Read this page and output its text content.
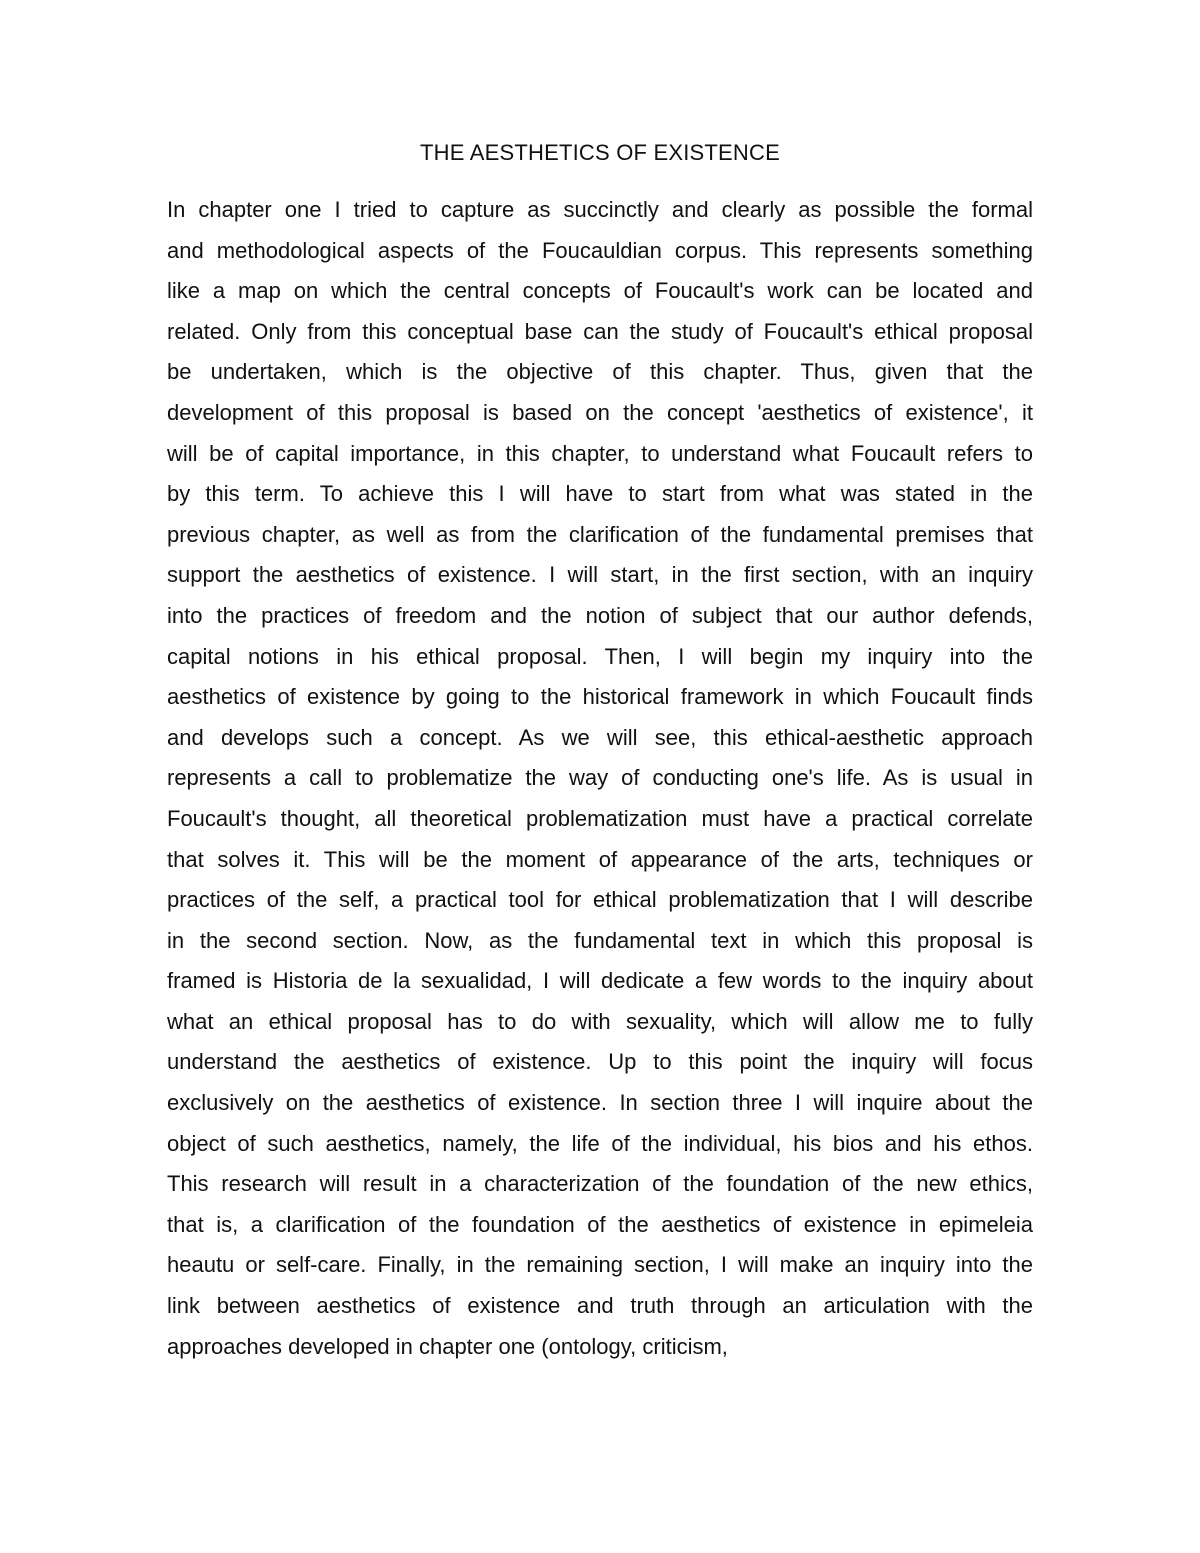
THE AESTHETICS OF EXISTENCE
In chapter one I tried to capture as succinctly and clearly as possible the formal
and methodological aspects of the Foucauldian corpus. This represents something
like a map on which the central concepts of Foucault's work can be located and
related. Only from this conceptual base can the study of Foucault's ethical proposal
be undertaken, which is the objective of this chapter. Thus, given that the
development of this proposal is based on the concept 'aesthetics of existence', it
will be of capital importance, in this chapter, to understand what Foucault refers to
by this term. To achieve this I will have to start from what was stated in the
previous chapter, as well as from the clarification of the fundamental premises that
support the aesthetics of existence. I will start, in the first section, with an inquiry
into the practices of freedom and the notion of subject that our author defends,
capital notions in his ethical proposal. Then, I will begin my inquiry into the
aesthetics of existence by going to the historical framework in which Foucault finds
and develops such a concept. As we will see, this ethical-aesthetic approach
represents a call to problematize the way of conducting one's life. As is usual in
Foucault's thought, all theoretical problematization must have a practical correlate
that solves it. This will be the moment of appearance of the arts, techniques or
practices of the self, a practical tool for ethical problematization that I will describe
in the second section. Now, as the fundamental text in which this proposal is
framed is Historia de la sexualidad, I will dedicate a few words to the inquiry about
what an ethical proposal has to do with sexuality, which will allow me to fully
understand the aesthetics of existence. Up to this point the inquiry will focus
exclusively on the aesthetics of existence. In section three I will inquire about the
object of such aesthetics, namely, the life of the individual, his bios and his ethos.
This research will result in a characterization of the foundation of the new ethics,
that is, a clarification of the foundation of the aesthetics of existence in epimeleia
heautu or self-care. Finally, in the remaining section, I will make an inquiry into the
link between aesthetics of existence and truth through an articulation with the
approaches developed in chapter one (ontology, criticism,
